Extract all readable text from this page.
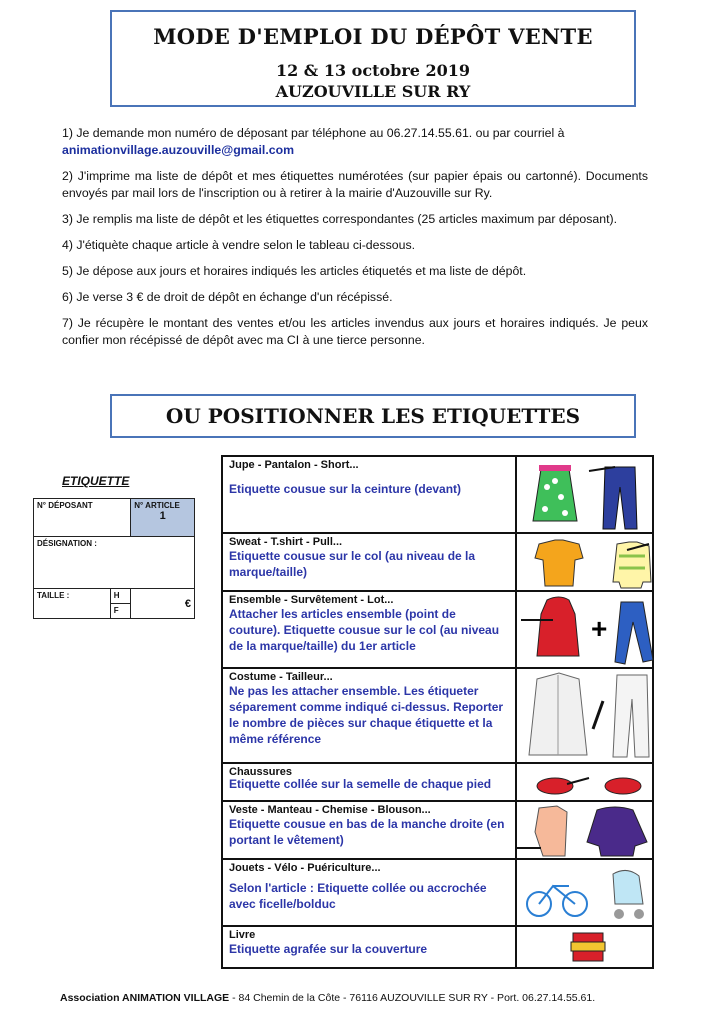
MODE D'EMPLOI DU DÉPÔT VENTE
12 & 13 octobre 2019
AUZOUVILLE SUR RY

1) Je demande mon numéro de déposant par téléphone au 06.27.14.55.61. ou par courriel à
animationvillage.auzouville@gmail.com

2) J'imprime ma liste de dépôt et mes étiquettes numérotées (sur papier épais ou cartonné). Documents envoyés par mail lors de l'inscription ou à retirer à la mairie d'Auzouville sur Ry.

3) Je remplis ma liste de dépôt et les étiquettes correspondantes (25 articles maximum par déposant).

4) J'étiquète chaque article à vendre selon le tableau ci-dessous.

5) Je dépose aux jours et horaires indiqués les articles étiquetés et ma liste de dépôt.

6) Je verse 3 € de droit de dépôt en échange d'un récépissé.

7) Je récupère le montant des ventes et/ou les articles invendus aux jours et horaires indiqués. Je peux confier mon récépissé de dépôt avec ma CI à une tierce personne.

OU POSITIONNER LES ETIQUETTES
ETIQUETTE
N° DÉPOSANT		N° ARTICLE
1

DÉSIGNATION :		
TAILLE :	H	€
	F	
Jupe - Pantalon - Short...
Etiquette cousue sur la ceinture (devant)

Sweat - T.shirt - Pull...
Etiquette cousue sur le col (au niveau de la marque/taille)

Ensemble - Survêtement - Lot...
Attacher les articles ensemble (point de couture). Etiquette cousue sur le col (au niveau de la marque/taille) du 1er article	+

Costume - Tailleur...
Ne pas les attacher ensemble. Les étiqueter séparement comme indiqué ci-dessus. Reporter le nombre de pièces sur chaque étiquette et la même référence

Chaussures
Etiquette collée sur la semelle de chaque pied

Veste - Manteau - Chemise - Blouson...
Etiquette cousue en bas de la manche droite (en portant le vêtement)

Jouets - Vélo - Puériculture...
Selon l'article : Etiquette collée ou accrochée avec ficelle/bolduc

Livre
Etiquette agrafée sur la couverture

Association ANIMATION VILLAGE - 84 Chemin de la Côte - 76116 AUZOUVILLE SUR RY - Port. 06.27.14.55.61.
